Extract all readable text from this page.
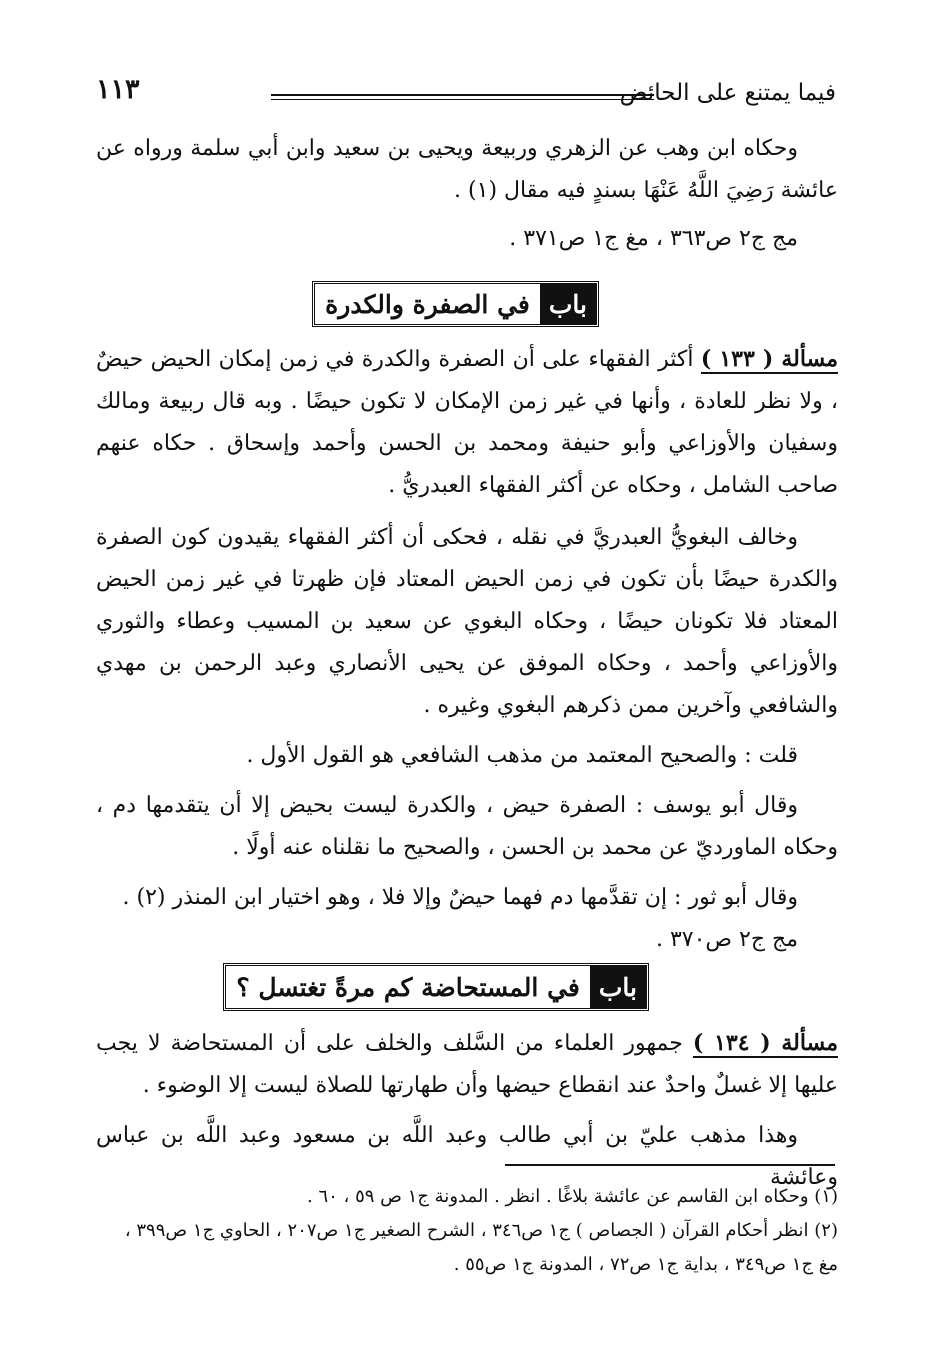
فيما يمتنع على الحائض
١١٣

وحكاه ابن وهب عن الزهري وربيعة ويحيى بن سعيد وابن أبي سلمة ورواه عن عائشة رَضِيَ اللَّهُ عَنْهَا بسندٍ فيه مقال (١) .

مج ج٢ ص٣٦٣ ، مغ ج١ ص٣٧١ .

باب
في الصفرة والكدرة

مسألة ( ١٣٣ ) أكثر الفقهاء على أن الصفرة والكدرة في زمن إمكان الحيض حيضٌ ، ولا نظر للعادة ، وأنها في غير زمن الإمكان لا تكون حيضًا . وبه قال ربيعة ومالك وسفيان والأوزاعي وأبو حنيفة ومحمد بن الحسن وأحمد وإسحاق . حكاه عنهم صاحب الشامل ، وحكاه عن أكثر الفقهاء العبدريُّ .

وخالف البغويُّ العبدريَّ في نقله ، فحكى أن أكثر الفقهاء يقيدون كون الصفرة والكدرة حيضًا بأن تكون في زمن الحيض المعتاد فإن ظهرتا في غير زمن الحيض المعتاد فلا تكونان حيضًا ، وحكاه البغوي عن سعيد بن المسيب وعطاء والثوري والأوزاعي وأحمد ، وحكاه الموفق عن يحيى الأنصاري وعبد الرحمن بن مهدي والشافعي وآخرين ممن ذكرهم البغوي وغيره .

قلت : والصحيح المعتمد من مذهب الشافعي هو القول الأول .

وقال أبو يوسف : الصفرة حيض ، والكدرة ليست بحيض إلا أن يتقدمها دم ، وحكاه الماورديّ عن محمد بن الحسن ، والصحيح ما نقلناه عنه أولًا .

وقال أبو ثور : إن تقدَّمها دم فهما حيضٌ وإلا فلا ، وهو اختيار ابن المنذر (٢) .

مج ج٢ ص٣٧٠ .

باب
في المستحاضة كم مرةً تغتسل ؟

مسألة ( ١٣٤ ) جمهور العلماء من السَّلف والخلف على أن المستحاضة لا يجب عليها إلا غسلٌ واحدٌ عند انقطاع حيضها وأن طهارتها للصلاة ليست إلا الوضوء .

وهذا مذهب عليّ بن أبي طالب وعبد اللَّه بن مسعود وعبد اللَّه بن عباس وعائشة

(١) وحكاه ابن القاسم عن عائشة بلاغًا . انظر . المدونة ج١ ص ٥٩ ، ٦٠ .

(٢) انظر أحكام القرآن ( الجصاص ) ج١ ص٣٤٦ ، الشرح الصغير ج١ ص٢٠٧ ، الحاوي ج١ ص٣٩٩ ،

مغ ج١ ص٣٤٩ ، بداية ج١ ص٧٢ ، المدونة ج١ ص٥٥ .
